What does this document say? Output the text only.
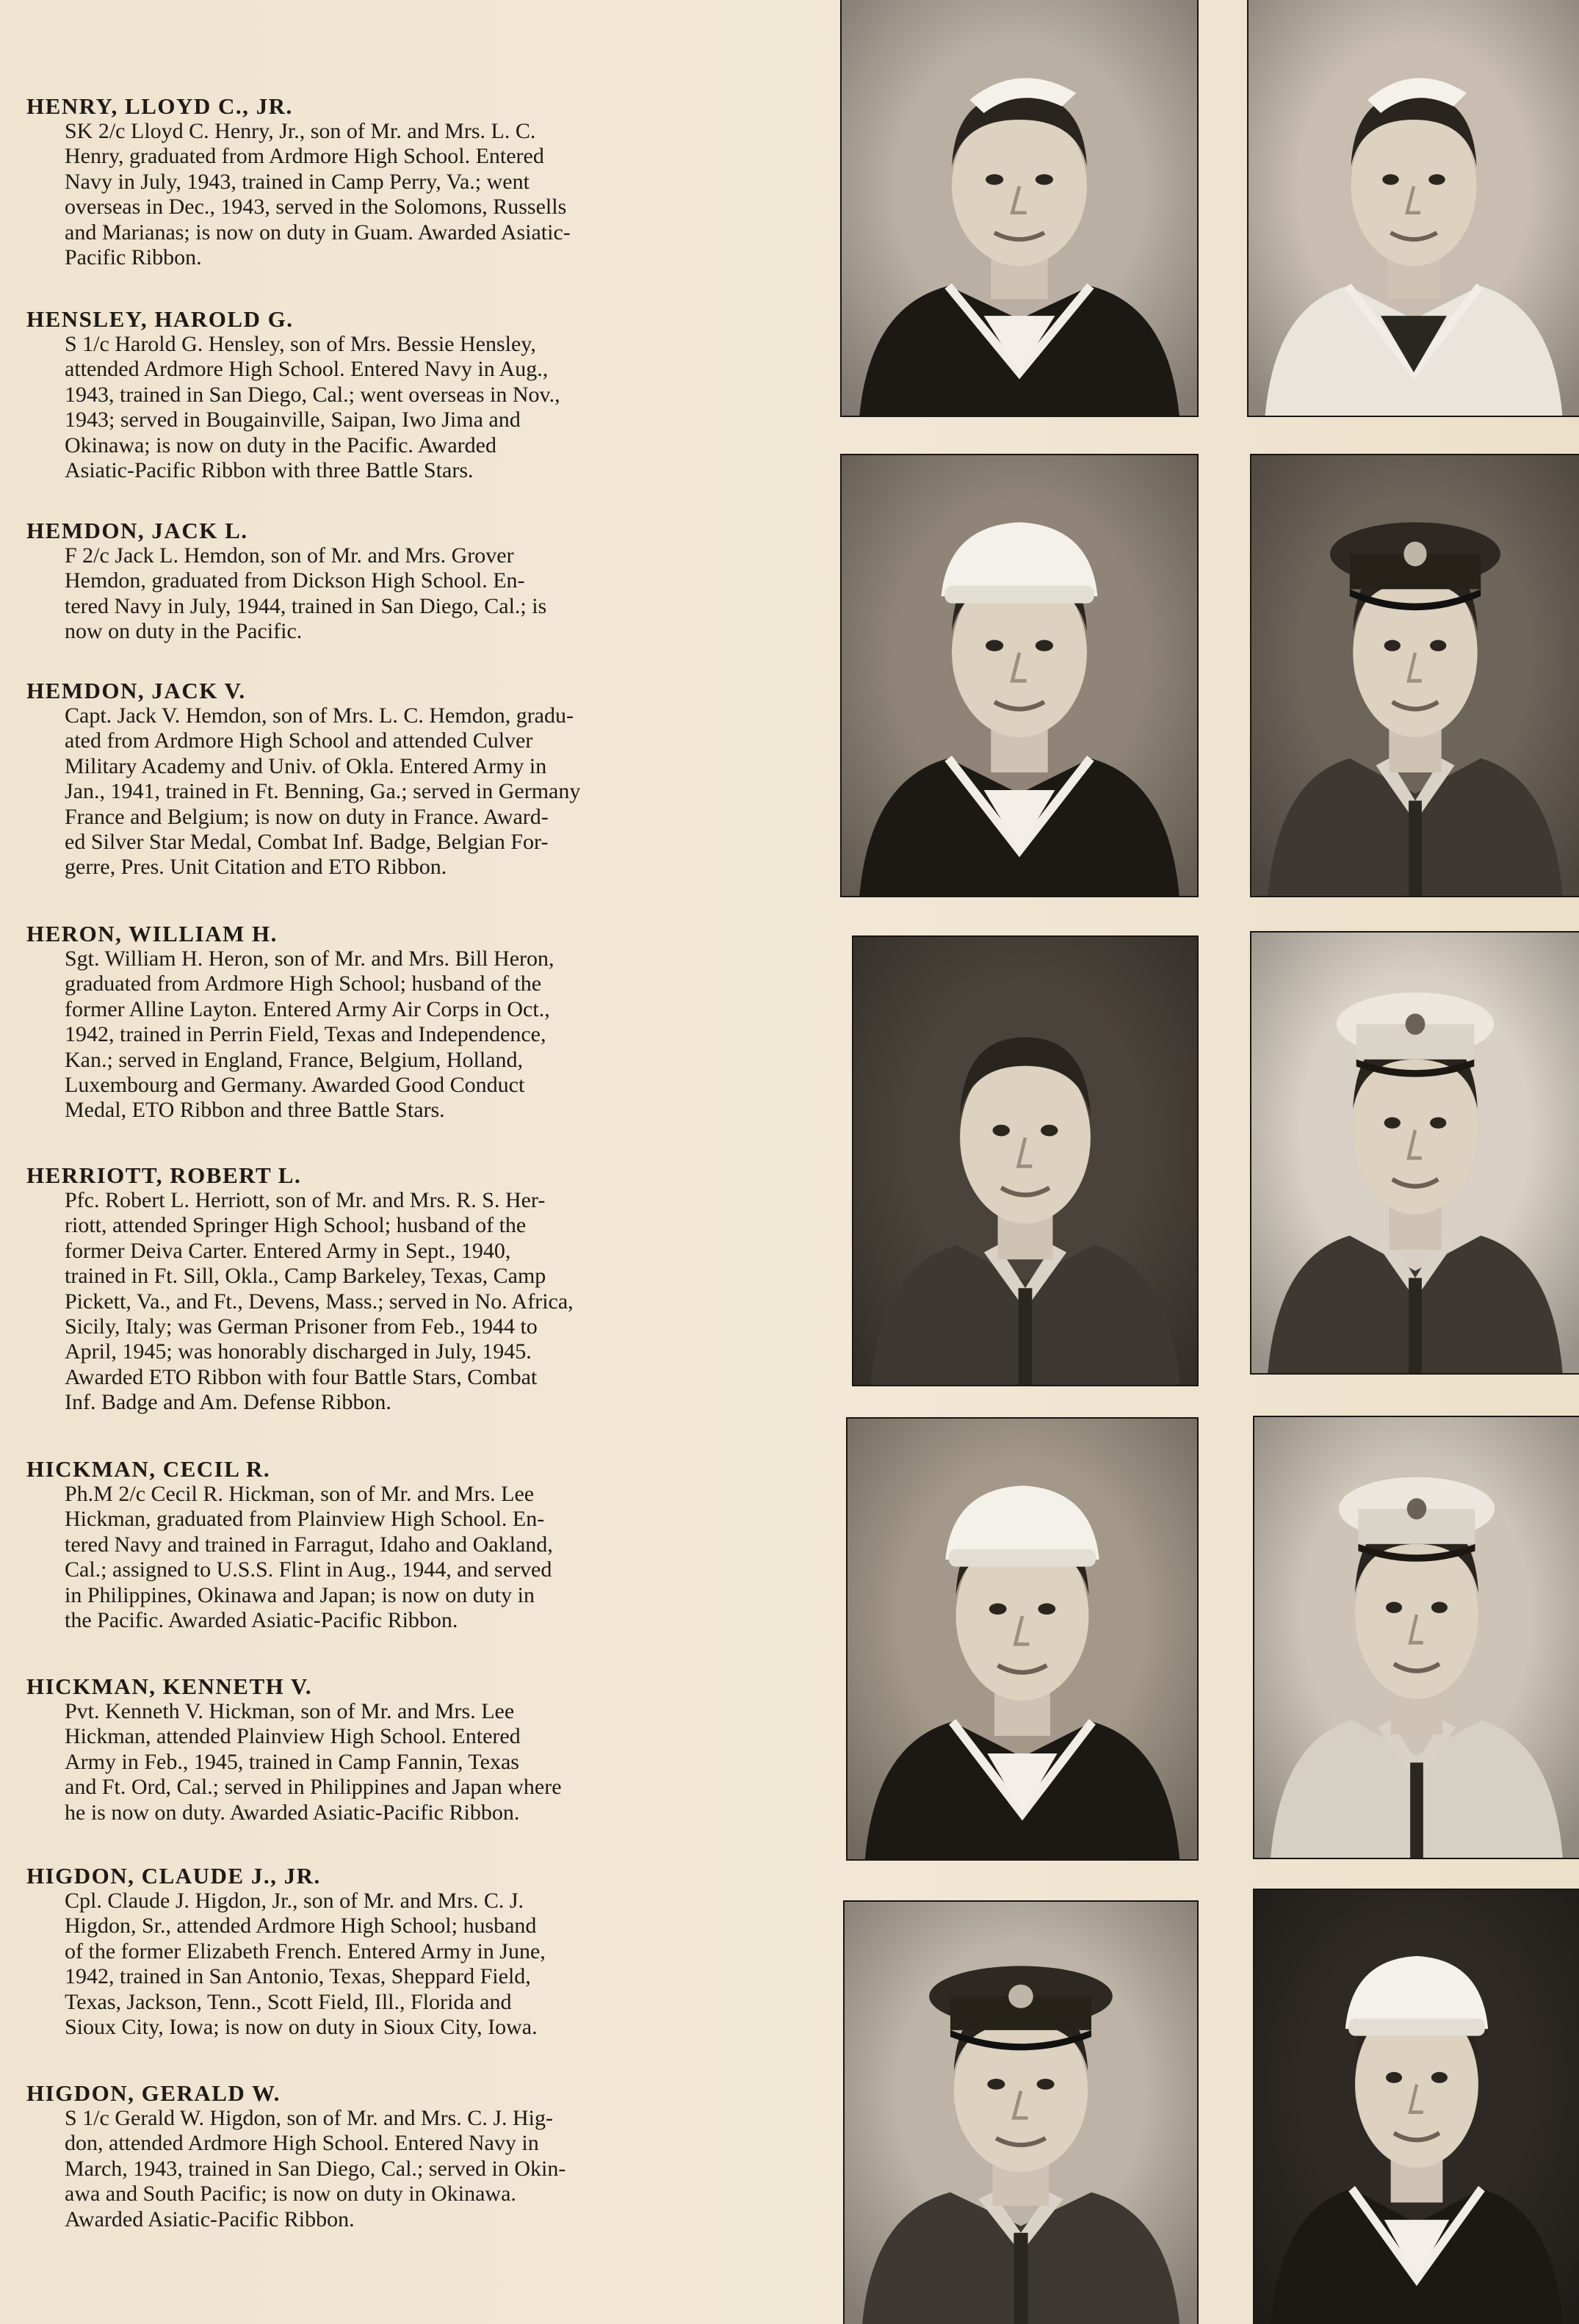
HENRY, LLOYD C., JR.

SK 2/c Lloyd C. Henry, Jr., son of Mr. and Mrs. L. C.
Henry, graduated from Ardmore High School. Entered
Navy in July, 1943, trained in Camp Perry, Va.; went
overseas in Dec., 1943, served in the Solomons, Russells
and Marianas; is now on duty in Guam. Awarded Asiatic-
Pacific Ribbon.

HENSLEY, HAROLD G.

S 1/c Harold G. Hensley, son of Mrs. Bessie Hensley,
attended Ardmore High School. Entered Navy in Aug.,
1943, trained in San Diego, Cal.; went overseas in Nov.,
1943; served in Bougainville, Saipan, Iwo Jima and
Okinawa; is now on duty in the Pacific. Awarded
Asiatic-Pacific Ribbon with three Battle Stars.

HEMDON, JACK L.

F 2/c Jack L. Hemdon, son of Mr. and Mrs. Grover
Hemdon, graduated from Dickson High School. En-
tered Navy in July, 1944, trained in San Diego, Cal.; is
now on duty in the Pacific.

HEMDON, JACK V.

Capt. Jack V. Hemdon, son of Mrs. L. C. Hemdon, gradu-
ated from Ardmore High School and attended Culver
Military Academy and Univ. of Okla. Entered Army in
Jan., 1941, trained in Ft. Benning, Ga.; served in Germany
France and Belgium; is now on duty in France. Award-
ed Silver Star Medal, Combat Inf. Badge, Belgian For-
gerre, Pres. Unit Citation and ETO Ribbon.

HERON, WILLIAM H.

Sgt. William H. Heron, son of Mr. and Mrs. Bill Heron,
graduated from Ardmore High School; husband of the
former Alline Layton. Entered Army Air Corps in Oct.,
1942, trained in Perrin Field, Texas and Independence,
Kan.; served in England, France, Belgium, Holland,
Luxembourg and Germany. Awarded Good Conduct
Medal, ETO Ribbon and three Battle Stars.

HERRIOTT, ROBERT L.

Pfc. Robert L. Herriott, son of Mr. and Mrs. R. S. Her-
riott, attended Springer High School; husband of the
former Deiva Carter. Entered Army in Sept., 1940,
trained in Ft. Sill, Okla., Camp Barkeley, Texas, Camp
Pickett, Va., and Ft., Devens, Mass.; served in No. Africa,
Sicily, Italy; was German Prisoner from Feb., 1944 to
April, 1945; was honorably discharged in July, 1945.
Awarded ETO Ribbon with four Battle Stars, Combat
Inf. Badge and Am. Defense Ribbon.

HICKMAN, CECIL R.

Ph.M 2/c Cecil R. Hickman, son of Mr. and Mrs. Lee
Hickman, graduated from Plainview High School. En-
tered Navy and trained in Farragut, Idaho and Oakland,
Cal.; assigned to U.S.S. Flint in Aug., 1944, and served
in Philippines, Okinawa and Japan; is now on duty in
the Pacific. Awarded Asiatic-Pacific Ribbon.

HICKMAN, KENNETH V.

Pvt. Kenneth V. Hickman, son of Mr. and Mrs. Lee
Hickman, attended Plainview High School. Entered
Army in Feb., 1945, trained in Camp Fannin, Texas
and Ft. Ord, Cal.; served in Philippines and Japan where
he is now on duty. Awarded Asiatic-Pacific Ribbon.

HIGDON, CLAUDE J., JR.

Cpl. Claude J. Higdon, Jr., son of Mr. and Mrs. C. J.
Higdon, Sr., attended Ardmore High School; husband
of the former Elizabeth French. Entered Army in June,
1942, trained in San Antonio, Texas, Sheppard Field,
Texas, Jackson, Tenn., Scott Field, Ill., Florida and
Sioux City, Iowa; is now on duty in Sioux City, Iowa.

HIGDON, GERALD W.

S 1/c Gerald W. Higdon, son of Mr. and Mrs. C. J. Hig-
don, attended Ardmore High School. Entered Navy in
March, 1943, trained in San Diego, Cal.; served in Okin-
awa and South Pacific; is now on duty in Okinawa.
Awarded Asiatic-Pacific Ribbon.
